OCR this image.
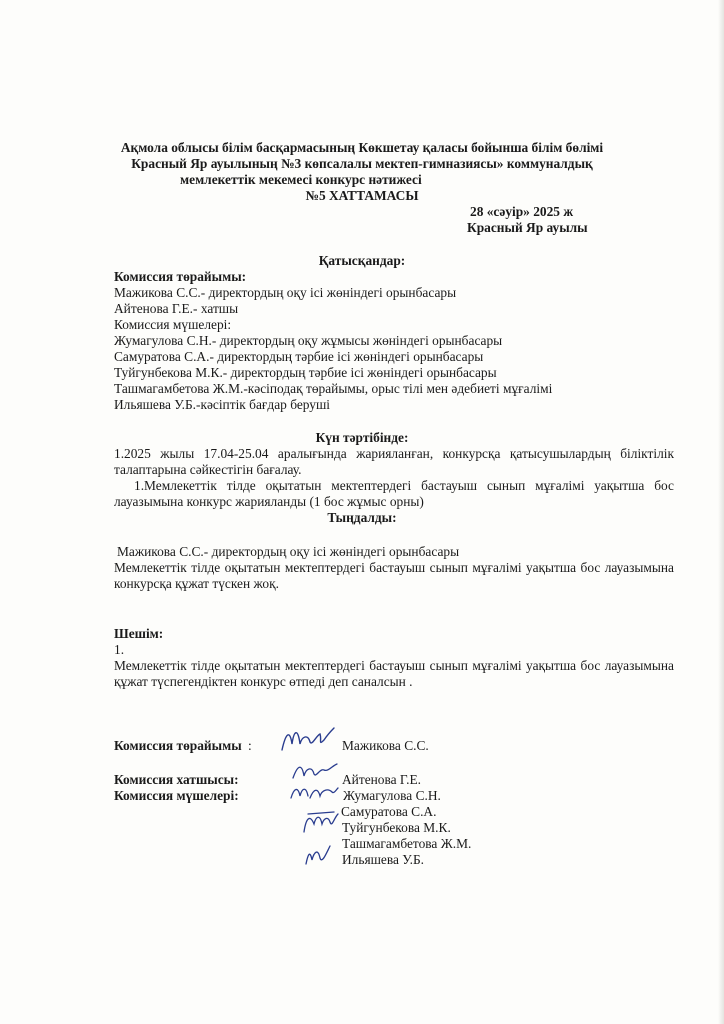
Ақмола облысы білім басқармасының Көкшетау қаласы бойынша білім бөлімі
Красный Яр ауылының №3 көпсалалы мектеп-гимназиясы» коммуналдық
мемлекеттік мекемесі конкурс нәтижесі
№5 ХАТТАМАСЫ
28 «сәуір» 2025 ж
Красный Яр ауылы
Қатысқандар:
Комиссия төрайымы:
Мажикова С.С.- директордың оқу ісі жөніндегі орынбасары
Айтенова Г.Е.- хатшы
Комиссия мүшелері:
Жумагулова С.Н.- директордың оқу жұмысы жөніндегі орынбасары
Самуратова С.А.- директордың тәрбие ісі жөніндегі орынбасары
Туйгунбекова М.К.- директордың тәрбие ісі жөніндегі орынбасары
Ташмагамбетова Ж.М.-кәсіподақ төрайымы, орыс тілі мен әдебиеті мұғалімі
Ильяшева У.Б.-кәсіптік бағдар беруші
Күн тәртібінде:
1.2025 жылы 17.04-25.04 аралығында жарияланған, конкурсқа қатысушылардың біліктілік талаптарына сәйкестігін бағалау.
1.Мемлекеттік тілде оқытатын мектептердегі бастауыш сынып мұғалімі уақытша бос лауазымына конкурс жарияланды (1 бос жұмыс орны)
Тыңдалды:
Мажикова С.С.- директордың оқу ісі жөніндегі орынбасары
Мемлекеттік тілде оқытатын мектептердегі бастауыш сынып мұғалімі уақытша бос лауазымына конкурсқа құжат түскен жоқ.
Шешім:
1.
Мемлекеттік тілде оқытатын мектептердегі бастауыш сынып мұғалімі уақытша бос лауазымына құжат түспегендіктен конкурс өтпеді деп саналсын .
Комиссия төрайымы :	Мажикова С.С.
Комиссия хатшысы:	Айтенова Г.Е.
Комиссия мүшелері:	Жумагулова С.Н.
Самуратова С.А.
Туйгунбекова М.К.
Ташмагамбетова Ж.М.
Ильяшева У.Б.
